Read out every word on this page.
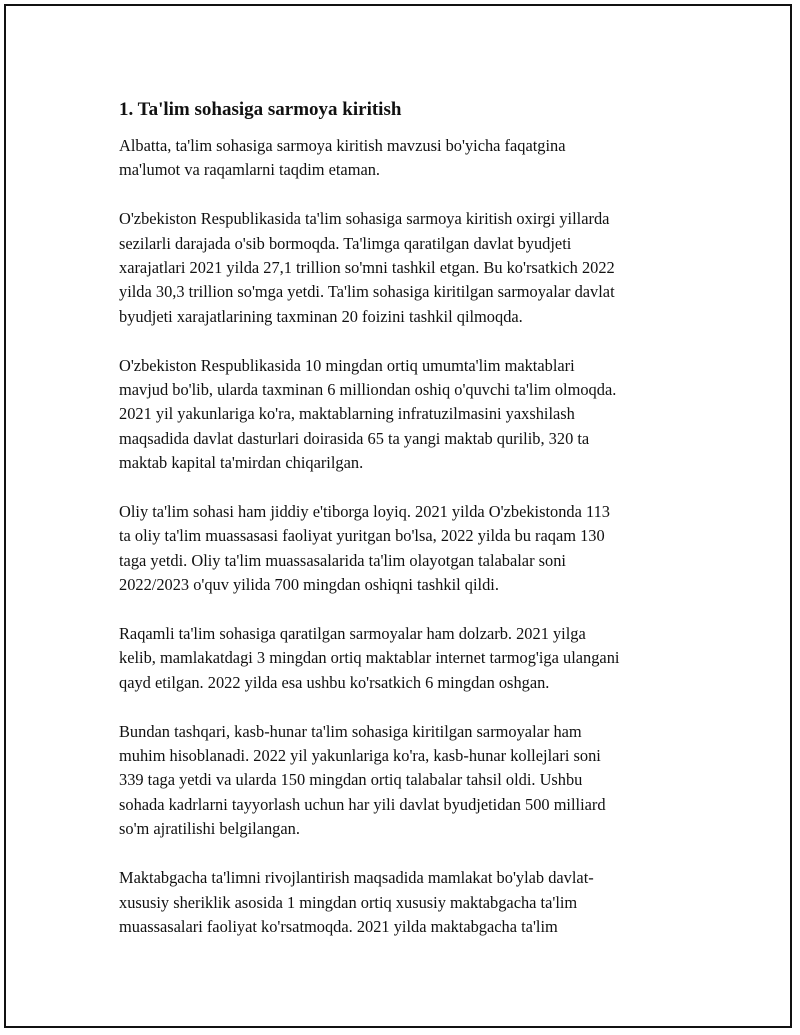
1. Ta'lim sohasiga sarmoya kiritish

Albatta, ta'lim sohasiga sarmoya kiritish mavzusi bo'yicha faqatgina
ma'lumot va raqamlarni taqdim etaman.

O'zbekiston Respublikasida ta'lim sohasiga sarmoya kiritish oxirgi yillarda
sezilarli darajada o'sib bormoqda. Ta'limga qaratilgan davlat byudjeti
xarajatlari 2021 yilda 27,1 trillion so'mni tashkil etgan. Bu ko'rsatkich 2022
yilda 30,3 trillion so'mga yetdi. Ta'lim sohasiga kiritilgan sarmoyalar davlat
byudjeti xarajatlarining taxminan 20 foizini tashkil qilmoqda.

O'zbekiston Respublikasida 10 mingdan ortiq umumta'lim maktablari
mavjud bo'lib, ularda taxminan 6 milliondan oshiq o'quvchi ta'lim olmoqda.
2021 yil yakunlariga ko'ra, maktablarning infratuzilmasini yaxshilash
maqsadida davlat dasturlari doirasida 65 ta yangi maktab qurilib, 320 ta
maktab kapital ta'mirdan chiqarilgan.

Oliy ta'lim sohasi ham jiddiy e'tiborga loyiq. 2021 yilda O'zbekistonda 113
ta oliy ta'lim muassasasi faoliyat yuritgan bo'lsa, 2022 yilda bu raqam 130
taga yetdi. Oliy ta'lim muassasalarida ta'lim olayotgan talabalar soni
2022/2023 o'quv yilida 700 mingdan oshiqni tashkil qildi.

Raqamli ta'lim sohasiga qaratilgan sarmoyalar ham dolzarb. 2021 yilga
kelib, mamlakatdagi 3 mingdan ortiq maktablar internet tarmog'iga ulangani
qayd etilgan. 2022 yilda esa ushbu ko'rsatkich 6 mingdan oshgan.

Bundan tashqari, kasb-hunar ta'lim sohasiga kiritilgan sarmoyalar ham
muhim hisoblanadi. 2022 yil yakunlariga ko'ra, kasb-hunar kollejlari soni
339 taga yetdi va ularda 150 mingdan ortiq talabalar tahsil oldi. Ushbu
sohada kadrlarni tayyorlash uchun har yili davlat byudjetidan 500 milliard
so'm ajratilishi belgilangan.

Maktabgacha ta'limni rivojlantirish maqsadida mamlakat bo'ylab davlat-
xususiy sheriklik asosida 1 mingdan ortiq xususiy maktabgacha ta'lim
muassasalari faoliyat ko'rsatmoqda. 2021 yilda maktabgacha ta'lim
